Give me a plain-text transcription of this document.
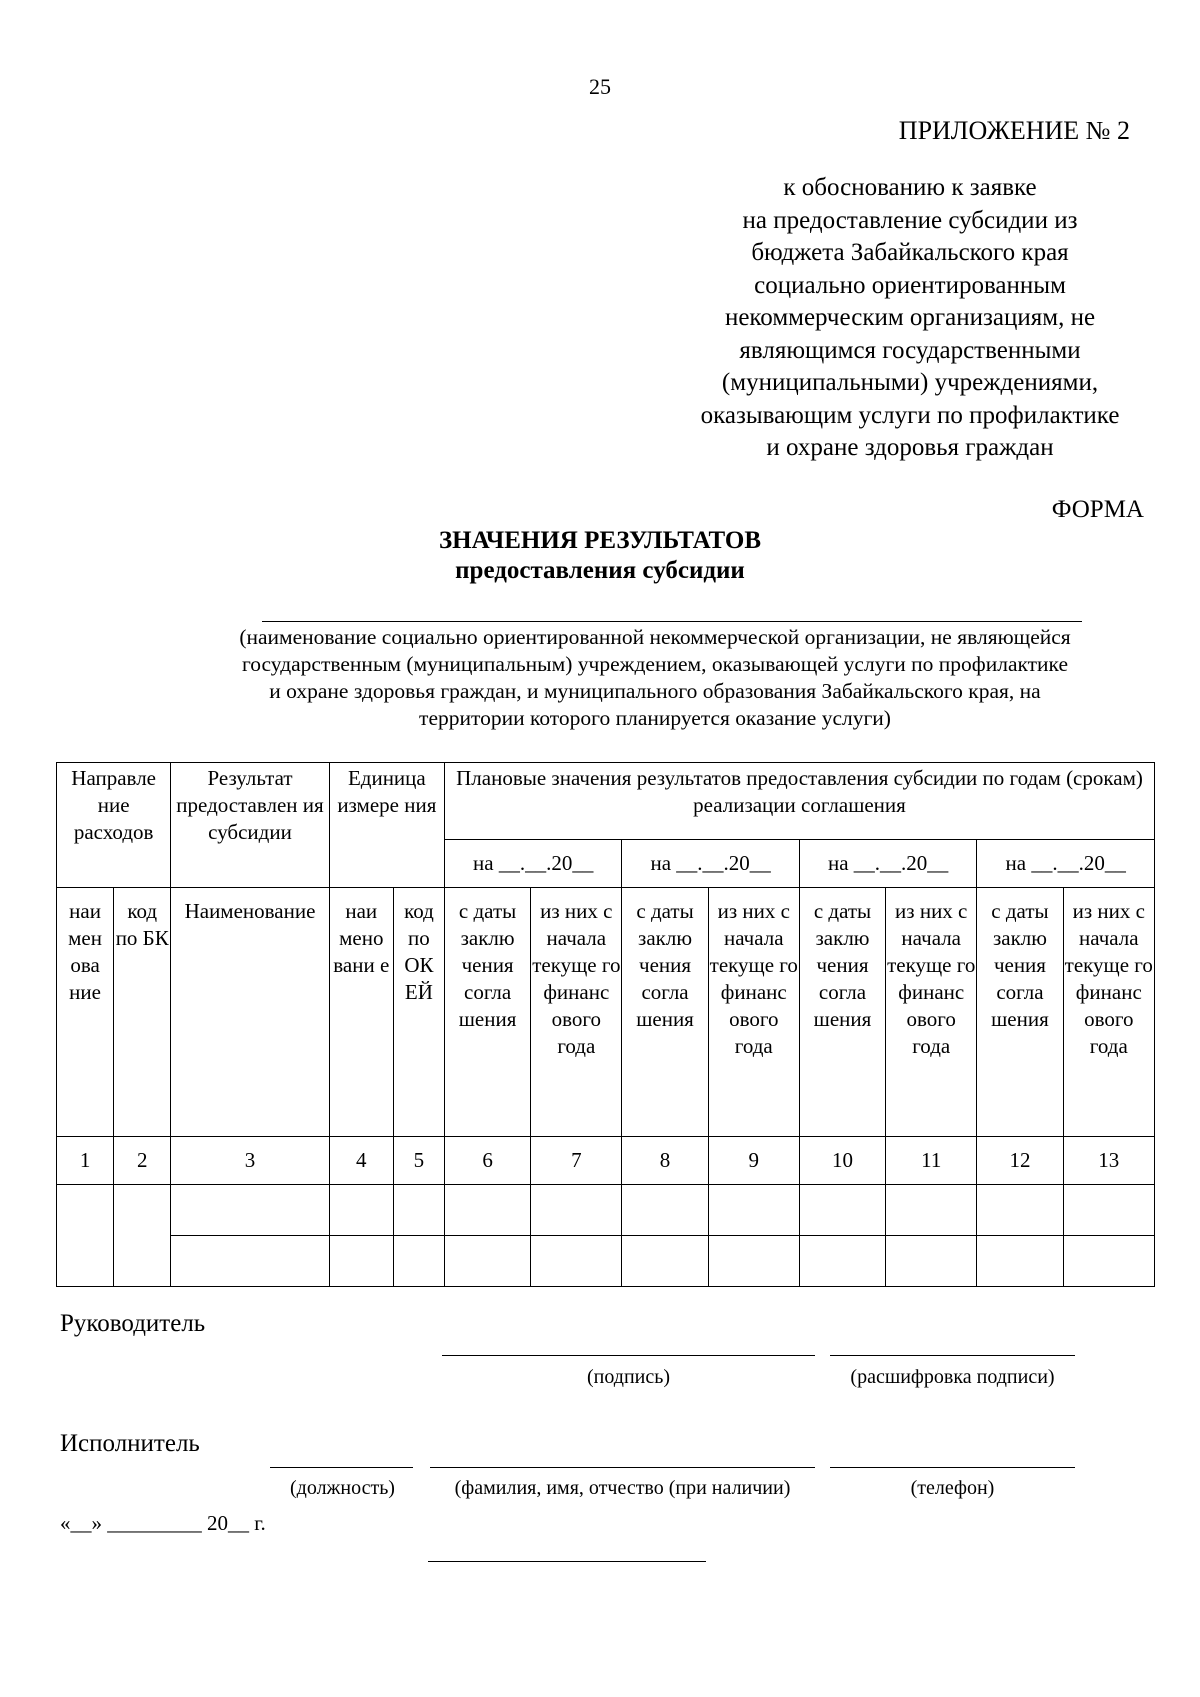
25
ПРИЛОЖЕНИЕ № 2
к обоснованию к заявке
на предоставление субсидии из
бюджета Забайкальского края
социально ориентированным
некоммерческим организациям, не
являющимся государственными
(муниципальными) учреждениями,
оказывающим услуги по профилактике
и охране здоровья граждан
ФОРМА
ЗНАЧЕНИЯ РЕЗУЛЬТАТОВ
предоставления субсидии
(наименование социально ориентированной некоммерческой организации, не являющейся
государственным (муниципальным) учреждением, оказывающей услуги по профилактике
и охране здоровья граждан, и муниципального образования Забайкальского края, на
территории которого планируется оказание услуги)
Направле ние расходов		Результат предоставлен ия субсидии	Единица измере ния		Плановые значения результатов предоставления субсидии по годам (срокам) реализации соглашения							
					на __.__.20__		на __.__.20__		на __.__.20__		на __.__.20__	
наи мен ова ние	код по БК	Наименование	наи мено вани е	код по ОК ЕЙ	с даты заклю чения согла шения	из них с начала текуще го финанс ового года	с даты заклю чения согла шения	из них с начала текуще го финанс ового года	с даты заклю чения согла шения	из них с начала текуще го финанс ового года	с даты заклю чения согла шения	из них с начала текуще го финанс ового года
1	2	3	4	5	6	7	8	9	10	11	12	13

Руководитель
(подпись)	(расшифровка подписи)
Исполнитель
(должность)	(фамилия, имя, отчество (при наличии)	(телефон)
«__» _________ 20__ г.
